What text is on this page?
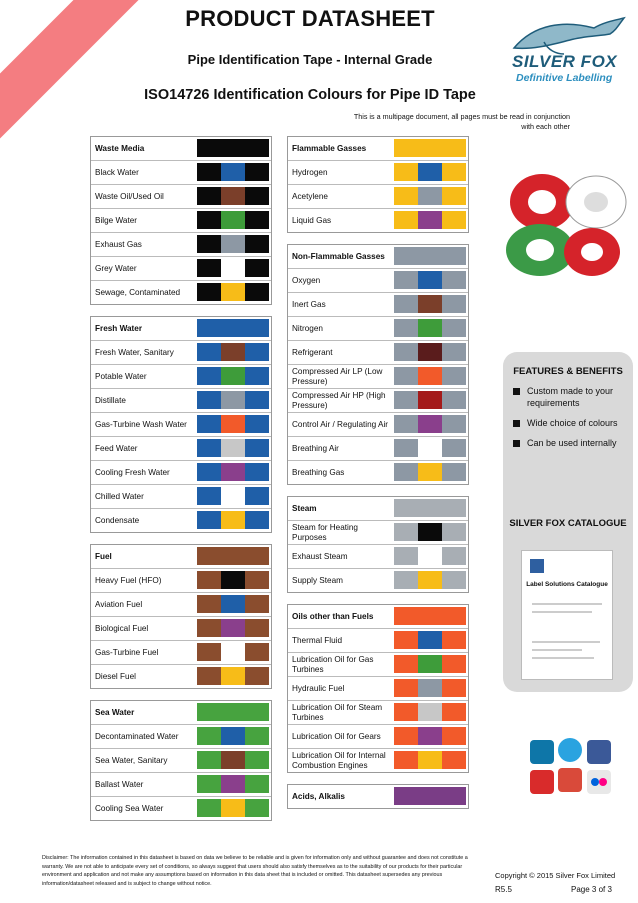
PRODUCT DATASHEET
Pipe Identification Tape - Internal Grade
ISO14726 Identification Colours for Pipe ID Tape
This is a multipage document, all pages must be read in conjunction with each other
SILVER FOX
Definitive Labelling
Waste Media
Black Water
Waste Oil/Used Oil
Bilge Water
Exhaust Gas
Grey Water
Sewage, Contaminated
Fresh Water
Fresh Water, Sanitary
Potable Water
Distillate
Gas-Turbine Wash Water
Feed Water
Cooling Fresh Water
Chilled Water
Condensate
Fuel
Heavy Fuel (HFO)
Aviation Fuel
Biological Fuel
Gas-Turbine Fuel
Diesel Fuel
Sea Water
Decontaminated Water
Sea Water, Sanitary
Ballast Water
Cooling Sea Water
Flammable Gasses
Hydrogen
Acetylene
Liquid Gas
Non-Flammable Gasses
Oxygen
Inert Gas
Nitrogen
Refrigerant
Compressed Air LP (Low Pressure)
Compressed Air HP (High Pressure)
Control Air / Regulating Air
Breathing Air
Breathing Gas
Steam
Steam for Heating Purposes
Exhaust Steam
Supply Steam
Oils other than Fuels
Thermal Fluid
Lubrication Oil for Gas Turbines
Hydraulic Fuel
Lubrication Oil for Steam Turbines
Lubrication Oil for Gears
Lubrication Oil for Internal Combustion Engines
Acids, Alkalis
FEATURES & BENEFITS
Custom made to your requirements
Wide choice of colours
Can be used internally
SILVER FOX CATALOGUE
Label Solutions Catalogue
Disclaimer: The information contained in this datasheet is based on data we believe to be reliable and is given for information only and without guarantee and does not constitute a warranty. We are not able to anticipate every set of conditions, so always suggest that users should also satisfy themselves as to the suitability of our products for their particular environment and application and not make any assumptions based on information in this data sheet that is included or omitted. This datasheet supersedes any previous information/datasheet released and is subject to change without notice.
Copyright © 2015 Silver Fox Limited
R5.5	Page 3 of 3
